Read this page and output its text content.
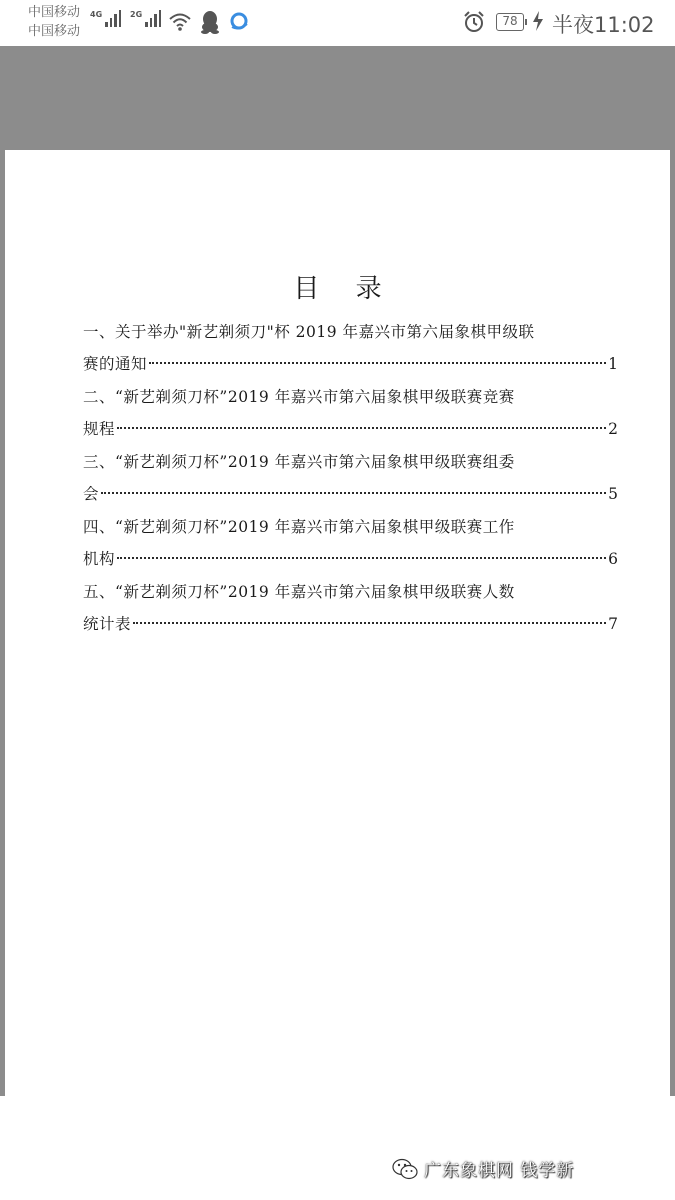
中国移动
中国移动
4G	2G	78	半夜11:02
目 录
一、关于举办"新艺剃须刀"杯 2019 年嘉兴市第六届象棋甲级联
赛的通知	1
二、“新艺剃须刀杯”2019 年嘉兴市第六届象棋甲级联赛竞赛
规程	2
三、“新艺剃须刀杯”2019 年嘉兴市第六届象棋甲级联赛组委
会	5
四、“新艺剃须刀杯”2019 年嘉兴市第六届象棋甲级联赛工作
机构	6
五、“新艺剃须刀杯”2019 年嘉兴市第六届象棋甲级联赛人数
统计表	7
广东象棋网 钱学新
